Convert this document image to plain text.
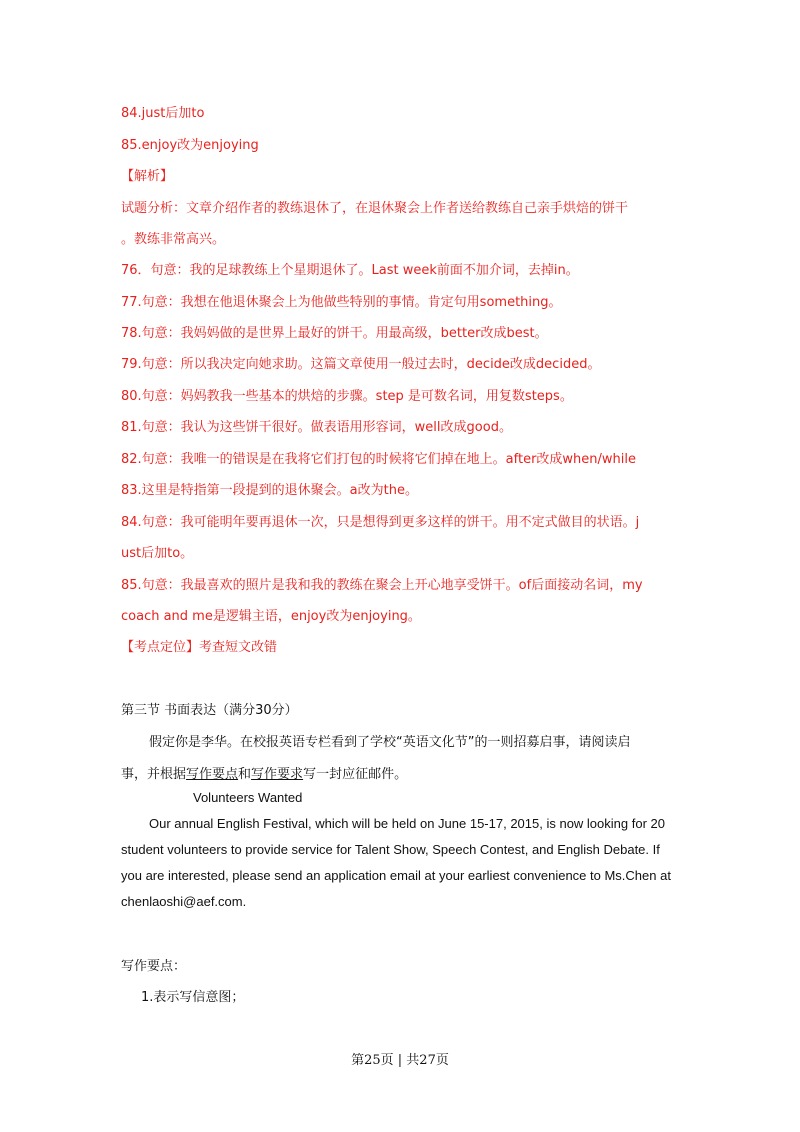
84.just后加to
85.enjoy改为enjoying
【解析】
试题分析：文章介绍作者的教练退休了，在退休聚会上作者送给教练自己亲手烘焙的饼干
。教练非常高兴。
76．句意：我的足球教练上个星期退休了。Last week前面不加介词，去掉in。
77.句意：我想在他退休聚会上为他做些特别的事情。肯定句用something。
78.句意：我妈妈做的是世界上最好的饼干。用最高级，better改成best。
79.句意：所以我决定向她求助。这篇文章使用一般过去时，decide改成decided。
80.句意：妈妈教我一些基本的烘焙的步骤。step 是可数名词，用复数steps。
81.句意：我认为这些饼干很好。做表语用形容词，well改成good。
82.句意：我唯一的错误是在我将它们打包的时候将它们掉在地上。after改成when/while
83.这里是特指第一段提到的退休聚会。a改为the。
84.句意：我可能明年要再退休一次，只是想得到更多这样的饼干。用不定式做目的状语。j
ust后加to。
85.句意：我最喜欢的照片是我和我的教练在聚会上开心地享受饼干。of后面接动名词，my
coach and me是逻辑主语，enjoy改为enjoying。
【考点定位】考查短文改错
第三节 书面表达（满分30分）
假定你是李华。在校报英语专栏看到了学校“英语文化节”的一则招募启事，请阅读启
事，并根据写作要点和写作要求写一封应征邮件。
Volunteers Wanted
Our annual English Festival, which will be held on June 15-17, 2015, is now looking for 20
student volunteers to provide service for Talent Show, Speech Contest, and English Debate. If
you are interested, please send an application email at your earliest convenience to Ms.Chen at
chenlaoshi@aef.com.
写作要点：
1.表示写信意图；
第25页 | 共27页
